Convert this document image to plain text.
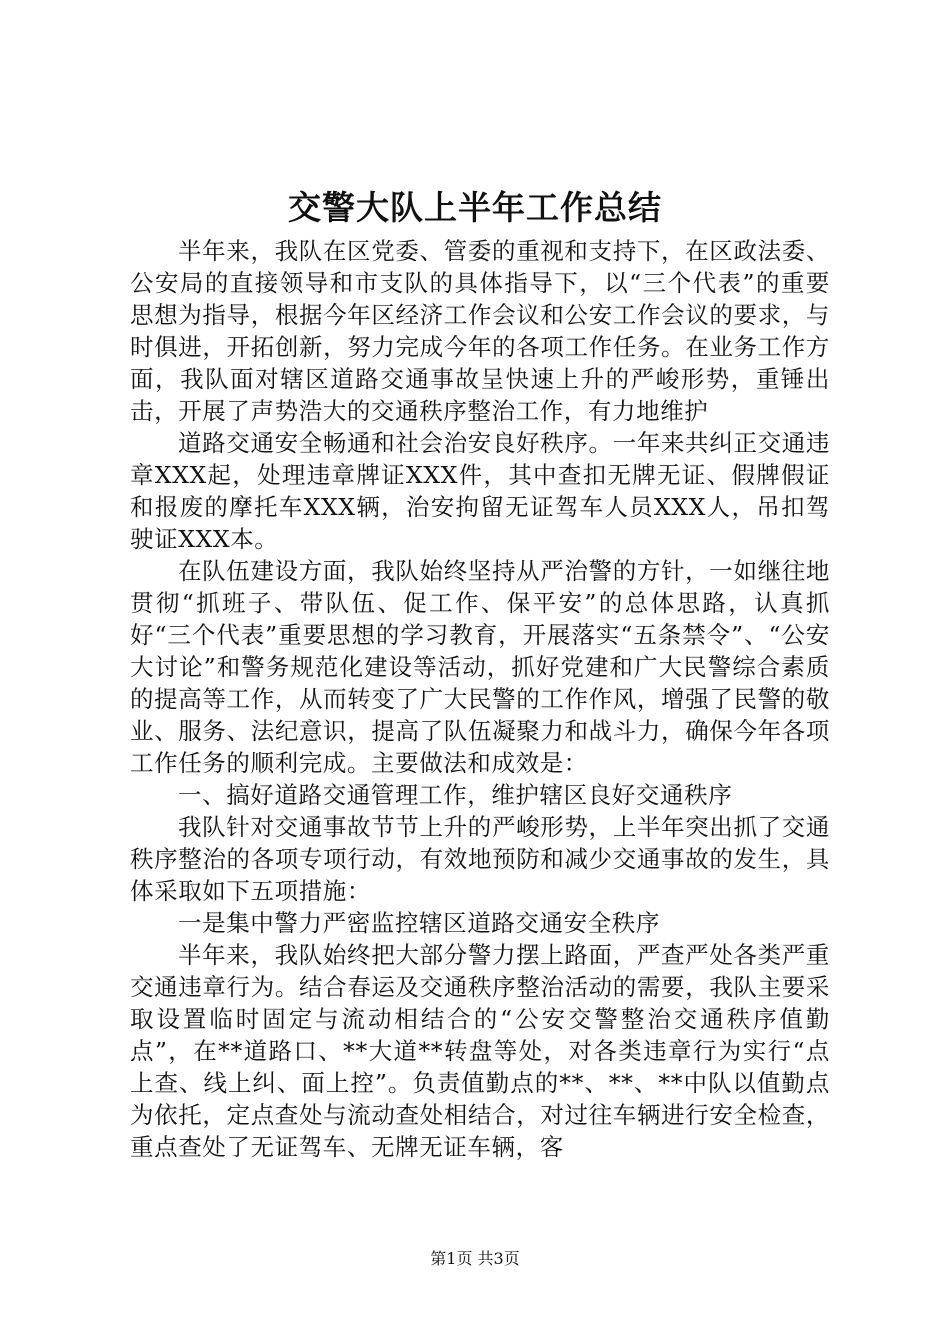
交警大队上半年工作总结

半年来，我队在区党委、管委的重视和支持下，在区政法委、公安局的直接领导和市支队的具体指导下，以“三个代表”的重要思想为指导，根据今年区经济工作会议和公安工作会议的要求，与时俱进，开拓创新，努力完成今年的各项工作任务。在业务工作方面，我队面对辖区道路交通事故呈快速上升的严峻形势，重锤出击，开展了声势浩大的交通秩序整治工作，有力地维护

道路交通安全畅通和社会治安良好秩序。一年来共纠正交通违章XXX起，处理违章牌证XXX件，其中查扣无牌无证、假牌假证和报废的摩托车XXX辆，治安拘留无证驾车人员XXX人，吊扣驾驶证XXX本。

在队伍建设方面，我队始终坚持从严治警的方针，一如继往地贯彻“抓班子、带队伍、促工作、保平安”的总体思路，认真抓好“三个代表”重要思想的学习教育，开展落实“五条禁令”、“公安大讨论”和警务规范化建设等活动，抓好党建和广大民警综合素质的提高等工作，从而转变了广大民警的工作作风，增强了民警的敬业、服务、法纪意识，提高了队伍凝聚力和战斗力，确保今年各项工作任务的顺利完成。主要做法和成效是：

一、搞好道路交通管理工作，维护辖区良好交通秩序

我队针对交通事故节节上升的严峻形势，上半年突出抓了交通秩序整治的各项专项行动，有效地预防和减少交通事故的发生，具体采取如下五项措施：

一是集中警力严密监控辖区道路交通安全秩序

半年来，我队始终把大部分警力摆上路面，严查严处各类严重交通违章行为。结合春运及交通秩序整治活动的需要，我队主要采取设置临时固定与流动相结合的“公安交警整治交通秩序值勤点”，在**道路口、**大道**转盘等处，对各类违章行为实行“点上查、线上纠、面上控”。负责值勤点的**、**、**中队以值勤点为依托，定点查处与流动查处相结合，对过往车辆进行安全检查，重点查处了无证驾车、无牌无证车辆，客

第1页 共3页
